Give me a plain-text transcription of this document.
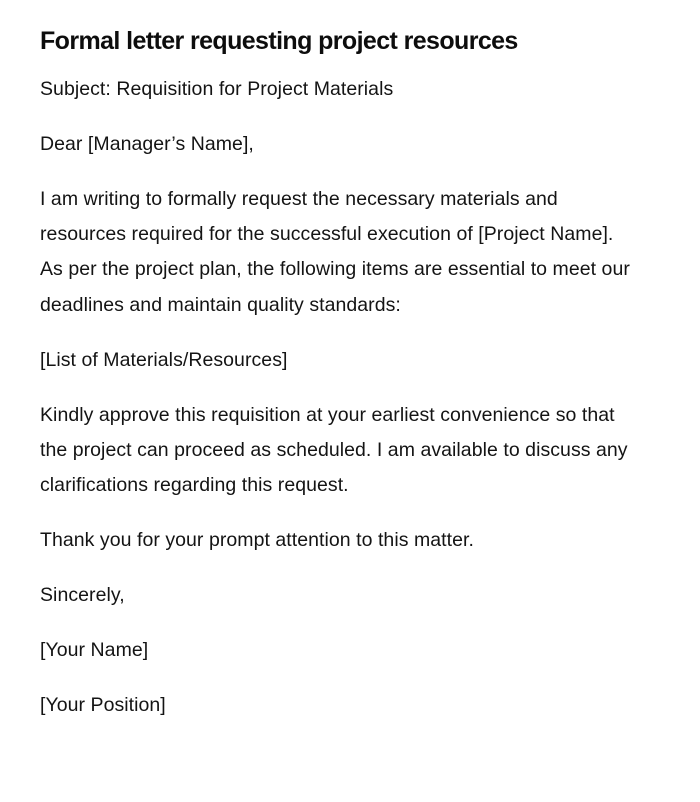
Formal letter requesting project resources

Subject: Requisition for Project Materials

Dear [Manager’s Name],

I am writing to formally request the necessary materials and resources required for the successful execution of [Project Name]. As per the project plan, the following items are essential to meet our deadlines and maintain quality standards:

[List of Materials/Resources]

Kindly approve this requisition at your earliest convenience so that the project can proceed as scheduled. I am available to discuss any clarifications regarding this request.

Thank you for your prompt attention to this matter.

Sincerely,

[Your Name]

[Your Position]
